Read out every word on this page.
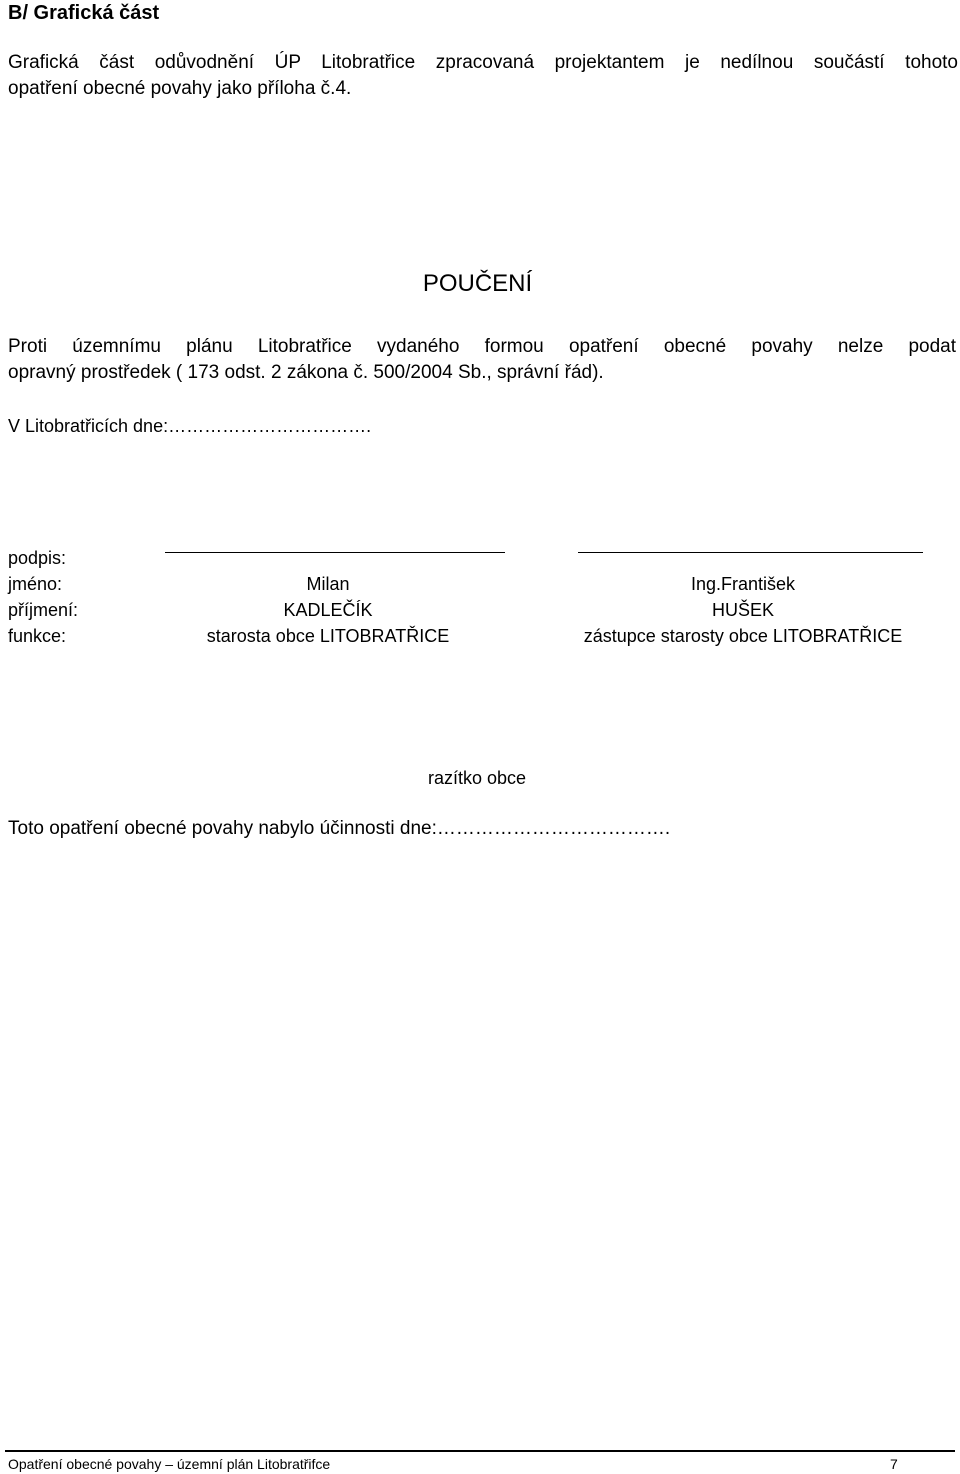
B/ Grafická část
Grafická část odůvodnění ÚP Litobratřice zpracovaná projektantem je nedílnou součástí tohoto
opatření obecné povahy jako příloha č.4.
POUČENÍ
Proti územnímu plánu Litobratřice vydaného formou opatření obecné povahy nelze podat
opravný prostředek ( 173 odst. 2 zákona č. 500/2004 Sb., správní řád).
V Litobratřicích dne:…………………………….
podpis:
jméno:	Milan	Ing.František
příjmení:	KADLEČÍK	HUŠEK
funkce:	starosta obce LITOBRATŘICE	zástupce starosty obce LITOBRATŘICE
razítko obce
Toto opatření obecné povahy nabylo účinnosti dne:……………………………….
Opatření obecné povahy – územní plán Litobratřifce	7
